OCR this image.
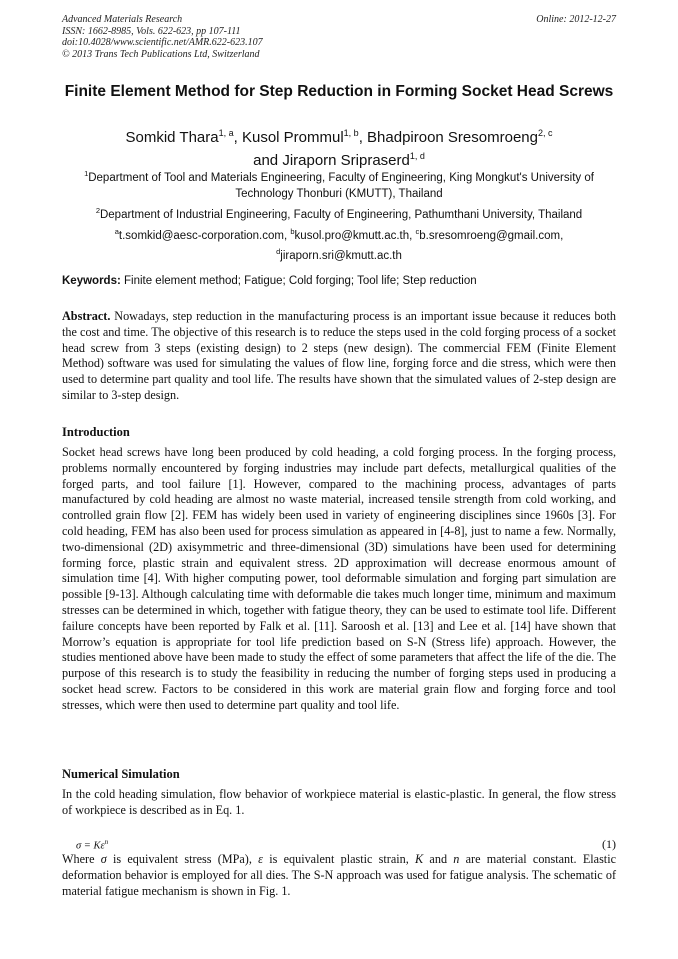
Advanced Materials Research
ISSN: 1662-8985, Vols. 622-623, pp 107-111
doi:10.4028/www.scientific.net/AMR.622-623.107
© 2013 Trans Tech Publications Ltd, Switzerland
Online: 2012-12-27
Finite Element Method for Step Reduction in Forming Socket Head Screws
Somkid Thara$^{1, a}$, Kusol Prommul$^{1, b}$, Bhadpiroon Sresomroeng$^{2, c}$
and Jiraporn Sripraserd$^{1, d}$
$^1$Department of Tool and Materials Engineering, Faculty of Engineering, King Mongkut's University of Technology Thonburi (KMUTT), Thailand
$^2$Department of Industrial Engineering, Faculty of Engineering, Pathumthani University, Thailand
$^a$t.somkid@aesc-corporation.com, $^b$kusol.pro@kmutt.ac.th, $^c$b.sresomroeng@gmail.com,
$^d$jiraporn.sri@kmutt.ac.th
Keywords: Finite element method; Fatigue; Cold forging; Tool life; Step reduction
Abstract. Nowadays, step reduction in the manufacturing process is an important issue because it reduces both the cost and time. The objective of this research is to reduce the steps used in the cold forging process of a socket head screw from 3 steps (existing design) to 2 steps (new design). The commercial FEM (Finite Element Method) software was used for simulating the values of flow line, forging force and die stress, which were then used to determine part quality and tool life. The results have shown that the simulated values of 2-step design are similar to 3-step design.
Introduction
Socket head screws have long been produced by cold heading, a cold forging process. In the forging process, problems normally encountered by forging industries may include part defects, metallurgical qualities of the forged parts, and tool failure [1]. However, compared to the machining process, advantages of parts manufactured by cold heading are almost no waste material, increased tensile strength from cold working, and controlled grain flow [2]. FEM has widely been used in variety of engineering disciplines since 1960s [3]. For cold heading, FEM has also been used for process simulation as appeared in [4-8], just to name a few. Normally, two-dimensional (2D) axisymmetric and three-dimensional (3D) simulations have been used for determining forming force, plastic strain and equivalent stress. 2D approximation will decrease enormous amount of simulation time [4]. With higher computing power, tool deformable simulation and forging part simulation are possible [9-13]. Although calculating time with deformable die takes much longer time, minimum and maximum stresses can be determined in which, together with fatigue theory, they can be used to estimate tool life. Different failure concepts have been reported by Falk et al. [11]. Saroosh et al. [13] and Lee et al. [14] have shown that Morrow’s equation is appropriate for tool life prediction based on S-N (Stress life) approach. However, the studies mentioned above have been made to study the effect of some parameters that affect the life of the die. The purpose of this research is to study the feasibility in reducing the number of forging steps used in producing a socket head screw. Factors to be considered in this work are material grain flow and forging force and tool stresses, which were then used to determine part quality and tool life.
Numerical Simulation
In the cold heading simulation, flow behavior of workpiece material is elastic-plastic. In general, the flow stress of workpiece is described as in Eq. 1.
$\sigma = K\varepsilon^n$	(1)
Where σ is equivalent stress (MPa), ε is equivalent plastic strain, K and n are material constant. Elastic deformation behavior is employed for all dies. The S-N approach was used for fatigue analysis. The schematic of material fatigue mechanism is shown in Fig. 1.
